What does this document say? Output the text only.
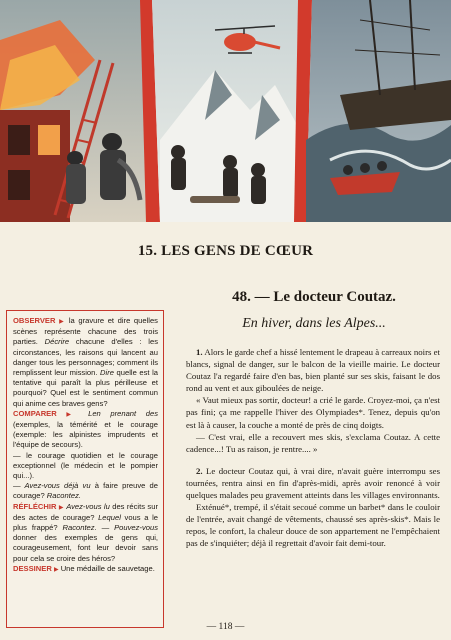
15. LES GENS DE CŒUR
48. — Le docteur Coutaz.
En hiver, dans les Alpes...

OBSERVER ▶ la gravure et dire quelles scènes représente chacune des trois parties. Décrire chacune d'elles : les circonstances, les raisons qui lancent au danger tous les personnages; comment ils remplissent leur mission. Dire quelle est la tentative qui paraît la plus périlleuse et pourquoi? Quel est le sentiment commun qui anime ces braves gens?

COMPARER ▶ Len prenant des (exemples, la témérité et le courage (exemple: les alpinistes imprudents et l'équipe de secours).
— le courage quotidien et le courage exceptionnel (le médecin et le pompier qui...).
— Avez-vous déjà vu à faire preuve de courage? Racontez.

RÉFLÉCHIR ▶ Avez-vous lu des récits sur des actes de courage? Lequel vous a le plus frappé? Racontez. — Pouvez-vous donner des exemples de gens qui, courageusement, font leur devoir sans pour cela se croire des héros?

DESSINER ▶ Une médaille de sauvetage.

1. Alors le garde chef a hissé lentement le drapeau à carreaux noirs et blancs, signal de danger, sur le balcon de la vieille mairie. Le docteur Coutaz l'a regardé faire d'en bas, bien planté sur ses skis, faisant le dos rond au vent et aux giboulées de neige.

« Vaut mieux pas sortir, docteur! a crié le garde. Croyez-moi, ça n'est pas fini; ça me rappelle l'hiver des Olympiades*. Tenez, depuis qu'on est là à causer, la couche a monté de près de cinq doigts.

— C'est vrai, elle a recouvert mes skis, s'exclama Coutaz. A cette cadence...! Tu as raison, je rentre.... »

2. Le docteur Coutaz qui, à vrai dire, n'avait guère interrompu ses tournées, rentra ainsi en fin d'après-midi, après avoir renoncé à voir quelques malades peu gravement atteints dans les villages environnants.

Exténué*, trempé, il s'était secoué comme un barbet* dans le couloir de l'entrée, avait changé de vêtements, chaussé ses après-skis*. Mais le repos, le confort, la chaleur douce de son appartement ne l'empêchaient pas de s'inquiéter; déjà il regrettait d'avoir fait demi-tour.

— 118 —
